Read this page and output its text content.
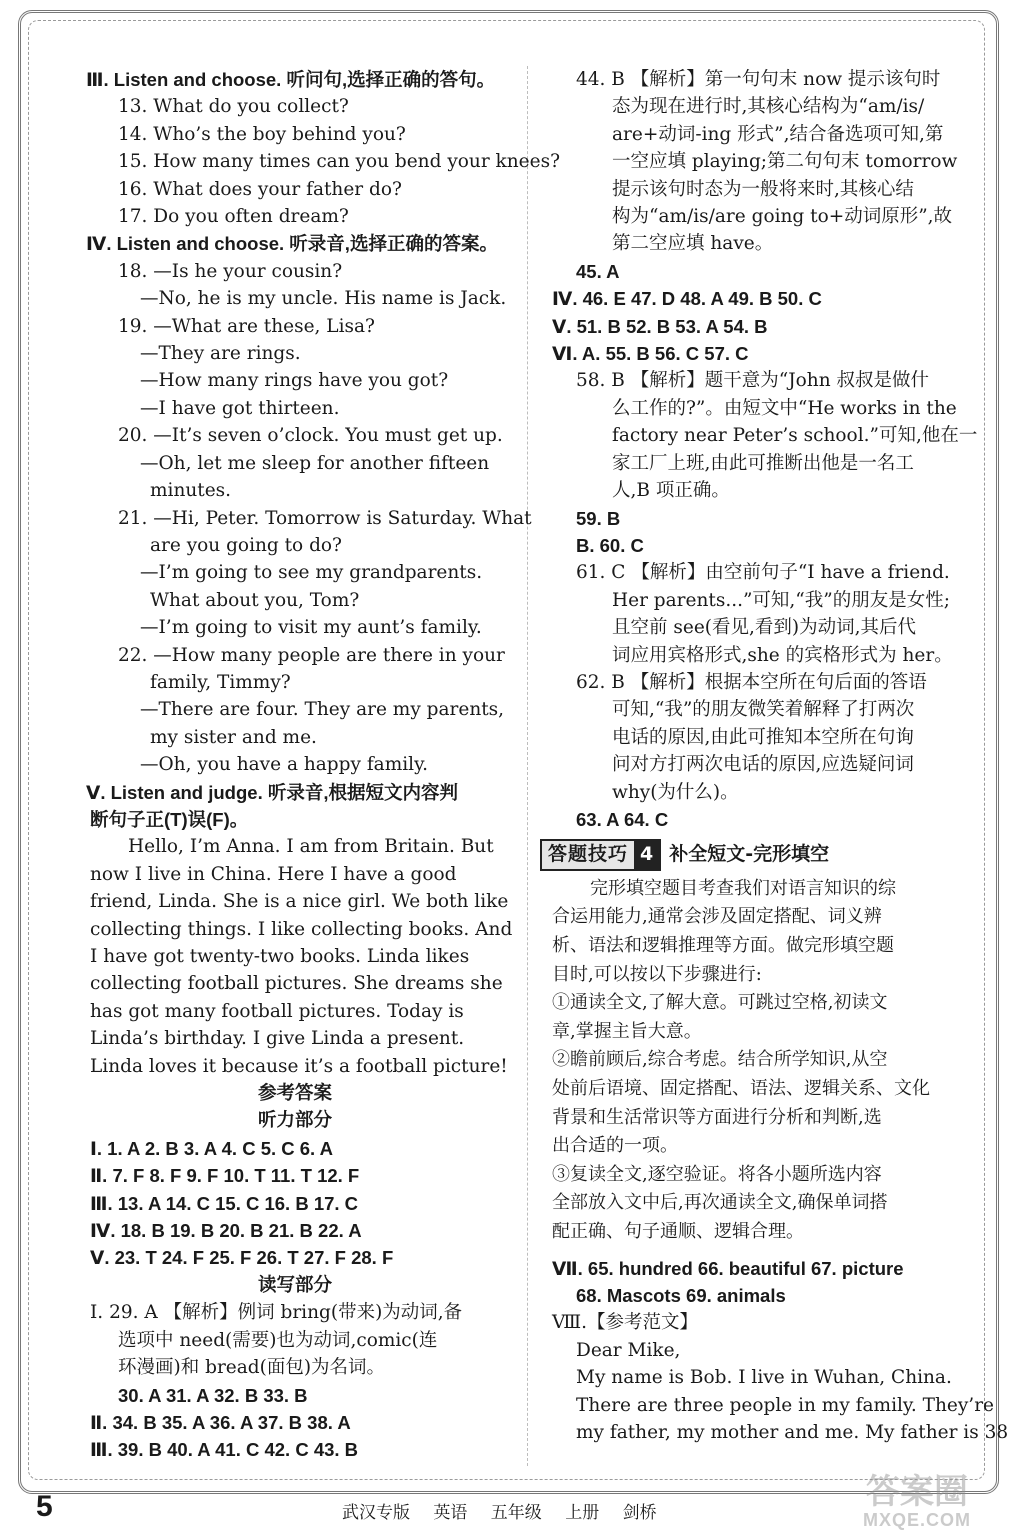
Ⅲ. Listen and choose. 听问句,选择正确的答句。
13. What do you collect?
14. Who’s the boy behind you?
15. How many times can you bend your knees?
16. What does your father do?
17. Do you often dream?
Ⅳ. Listen and choose. 听录音,选择正确的答案。
18. —Is he your cousin?
—No, he is my uncle. His name is Jack.
19. —What are these, Lisa?
—They are rings.
—How many rings have you got?
—I have got thirteen.
20. —It’s seven o’clock. You must get up.
—Oh, let me sleep for another fifteen
minutes.
21. —Hi, Peter. Tomorrow is Saturday. What
are you going to do?
—I’m going to see my grandparents.
What about you, Tom?
—I’m going to visit my aunt’s family.
22. —How many people are there in your
family, Timmy?
—There are four. They are my parents,
my sister and me.
—Oh, you have a happy family.
Ⅴ. Listen and judge. 听录音,根据短文内容判
断句子正(T)误(F)。
Hello, I’m Anna. I am from Britain. But
now I live in China. Here I have a good
friend, Linda. She is a nice girl. We both like
collecting things. I like collecting books. And
I have got twenty-two books. Linda likes
collecting football pictures. She dreams she
has got many football pictures. Today is
Linda’s birthday. I give Linda a present.
Linda loves it because it’s a football picture!
参考答案
听力部分
Ⅰ. 1. A 2. B 3. A 4. C 5. C 6. A
Ⅱ. 7. F 8. F 9. F 10. T 11. T 12. F
Ⅲ. 13. A 14. C 15. C 16. B 17. C
Ⅳ. 18. B 19. B 20. B 21. B 22. A
Ⅴ. 23. T 24. F 25. F 26. T 27. F 28. F
读写部分
Ⅰ. 29. A 【解析】例词 bring(带来)为动词,备
选项中 need(需要)也为动词,comic(连
环漫画)和 bread(面包)为名词。
30. A 31. A 32. B 33. B
Ⅱ. 34. B 35. A 36. A 37. B 38. A
Ⅲ. 39. B 40. A 41. C 42. C 43. B
44. B 【解析】第一句句末 now 提示该句时
态为现在进行时,其核心结构为“am/is/
are+动词-ing 形式”,结合备选项可知,第
一空应填 playing;第二句句末 tomorrow
提示该句时态为一般将来时,其核心结
构为“am/is/are going to+动词原形”,故
第二空应填 have。
45. A
Ⅳ. 46. E 47. D 48. A 49. B 50. C
Ⅴ. 51. B 52. B 53. A 54. B
Ⅵ. A. 55. B 56. C 57. C
58. B 【解析】题干意为“John 叔叔是做什
么工作的?”。由短文中“He works in the
factory near Peter’s school.”可知,他在一
家工厂上班,由此可推断出他是一名工
人,B 项正确。
59. B
B. 60. C
61. C 【解析】由空前句子“I have a friend.
Her parents...”可知,“我”的朋友是女性;
且空前 see(看见,看到)为动词,其后代
词应用宾格形式,she 的宾格形式为 her。
62. B 【解析】根据本空所在句后面的答语
可知,“我”的朋友微笑着解释了打两次
电话的原因,由此可推知本空所在句询
问对方打两次电话的原因,应选疑问词
why(为什么)。
63. A 64. C
答题技巧 4 补全短文-完形填空
完形填空题目考查我们对语言知识的综
合运用能力,通常会涉及固定搭配、词义辨
析、语法和逻辑推理等方面。做完形填空题
目时,可以按以下步骤进行:
①通读全文,了解大意。可跳过空格,初读文
章,掌握主旨大意。
②瞻前顾后,综合考虑。结合所学知识,从空
处前后语境、固定搭配、语法、逻辑关系、文化
背景和生活常识等方面进行分析和判断,选
出合适的一项。
③复读全文,逐空验证。将各小题所选内容
全部放入文中后,再次通读全文,确保单词搭
配正确、句子通顺、逻辑合理。
Ⅶ. 65. hundred 66. beautiful 67. picture
68. Mascots 69. animals
Ⅷ.【参考范文】
Dear Mike,
My name is Bob. I live in Wuhan, China.
There are three people in my family. They’re
my father, my mother and me. My father is 38
5	武汉专版 英语 五年级 上册 剑桥
答案圈
MXQE.COM
